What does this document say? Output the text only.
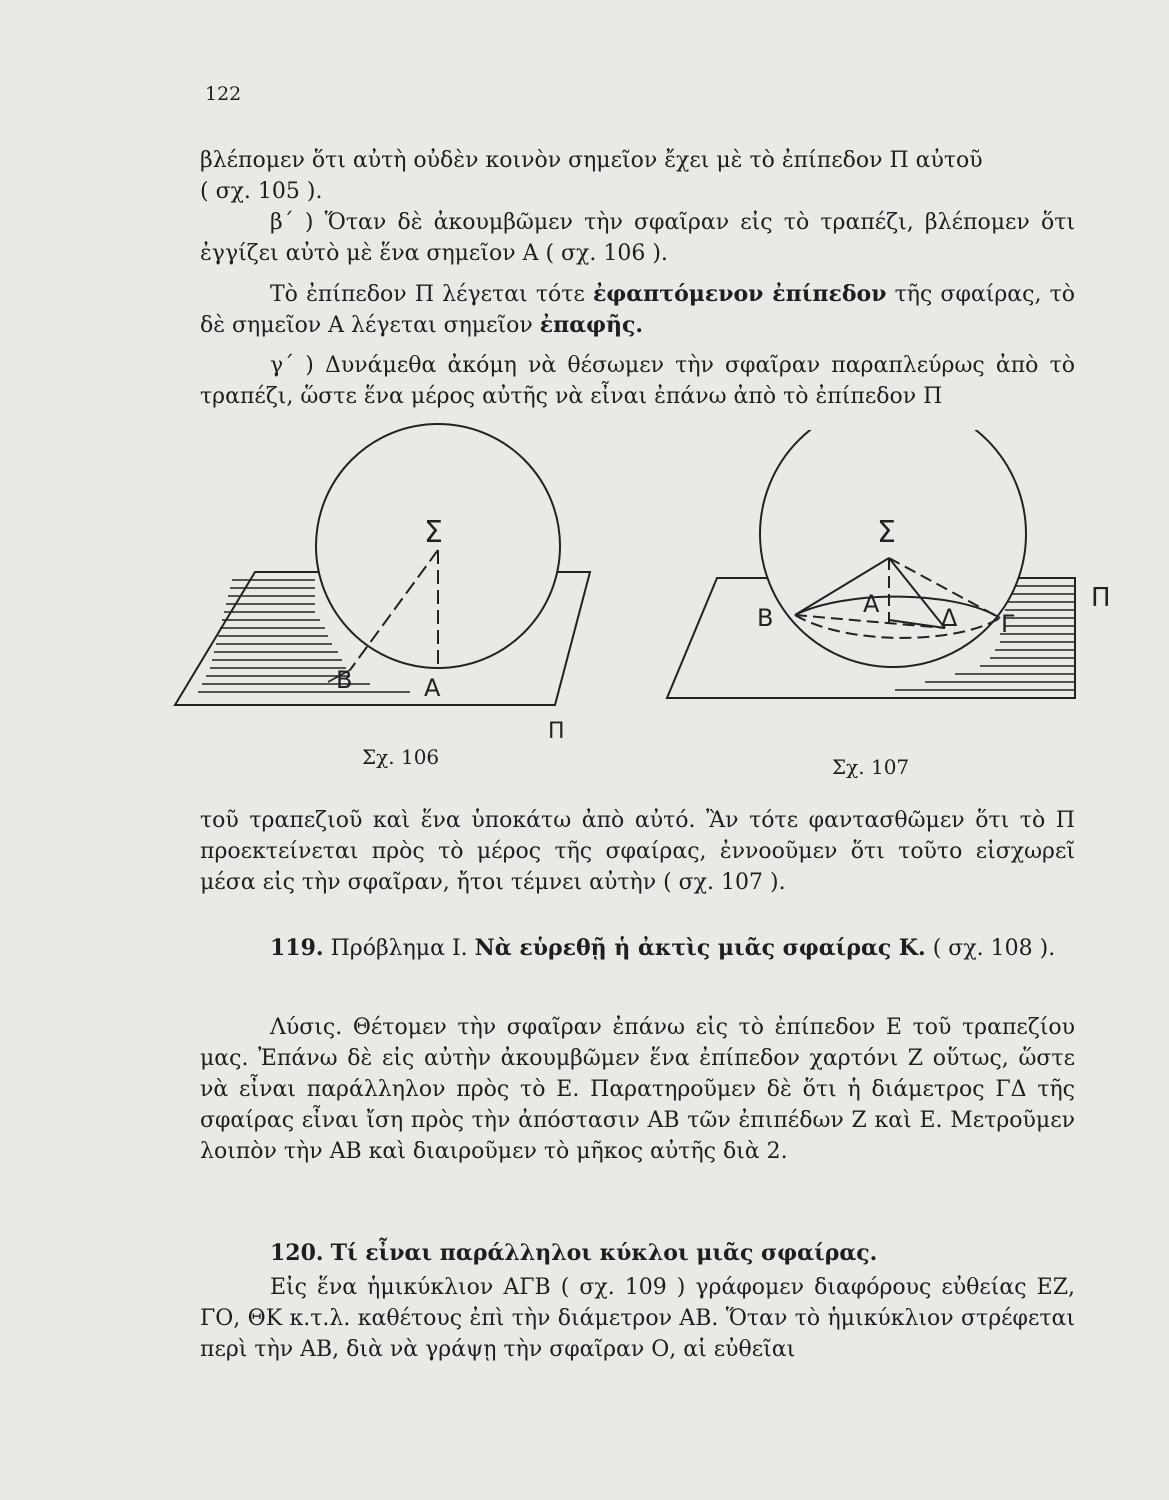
122

βλέπομεν ὅτι αὐτὴ οὐδὲν κοινὸν σημεῖον ἔχει μὲ τὸ ἐπίπεδον Π αὐτοῦ
( σχ. 105 ).

β΄ ) Ὅταν δὲ ἀκουμβῶμεν τὴν σφαῖραν εἰς τὸ τραπέζι, βλέπομεν ὅτι ἐγγίζει αὐτὸ μὲ ἕνα σημεῖον Α ( σχ. 106 ).

Τὸ ἐπίπεδον Π λέγεται τότε ἐφαπτόμενον ἐπίπεδον τῆς σφαίρας, τὸ δὲ σημεῖον Α λέγεται σημεῖον ἐπαφῆς.

γ΄ ) Δυνάμεθα ἀκόμη νὰ θέσωμεν τὴν σφαῖραν παραπλεύρως ἀπὸ τὸ τραπέζι, ὥστε ἕνα μέρος αὐτῆς νὰ εἶναι ἐπάνω ἀπὸ τὸ ἐπίπεδον Π

Σ
Α
Β
Π
Σχ. 106
Σ
Α
Β	Δ Γ
Π
Σχ. 107

τοῦ τραπεζιοῦ καὶ ἕνα ὑποκάτω ἀπὸ αὐτό. Ἂν τότε φαντασθῶμεν ὅτι τὸ Π προεκτείνεται πρὸς τὸ μέρος τῆς σφαίρας, ἐννοοῦμεν ὅτι τοῦτο εἰσχωρεῖ μέσα εἰς τὴν σφαῖραν, ἤτοι τέμνει αὐτὴν ( σχ. 107 ).

119. Πρόβλημα Ι. Νὰ εὑρεθῇ ἡ ἀκτὶς μιᾶς σφαίρας Κ. ( σχ. 108 ).

Λύσις. Θέτομεν τὴν σφαῖραν ἐπάνω εἰς τὸ ἐπίπεδον Ε τοῦ τραπεζίου μας. Ἐπάνω δὲ εἰς αὐτὴν ἀκουμβῶμεν ἕνα ἐπίπεδον χαρτόνι Ζ οὕτως, ὥστε νὰ εἶναι παράλληλον πρὸς τὸ Ε. Παρατηροῦμεν δὲ ὅτι ἡ διάμετρος ΓΔ τῆς σφαίρας εἶναι ἴση πρὸς τὴν ἀπόστασιν ΑΒ τῶν ἐπιπέδων Ζ καὶ Ε. Μετροῦμεν λοιπὸν τὴν ΑΒ καὶ διαιροῦμεν τὸ μῆκος αὐτῆς διὰ 2.

120. Τί εἶναι παράλληλοι κύκλοι μιᾶς σφαίρας.

Εἰς ἕνα ἡμικύκλιον ΑΓΒ ( σχ. 109 ) γράφομεν διαφόρους εὐθείας ΕΖ, ΓΟ, ΘΚ κ.τ.λ. καθέτους ἐπὶ τὴν διάμετρον ΑΒ. Ὅταν τὸ ἡμικύκλιον στρέφεται περὶ τὴν ΑΒ, διὰ νὰ γράψῃ τὴν σφαῖραν Ο, αἱ εὐθεῖαι
